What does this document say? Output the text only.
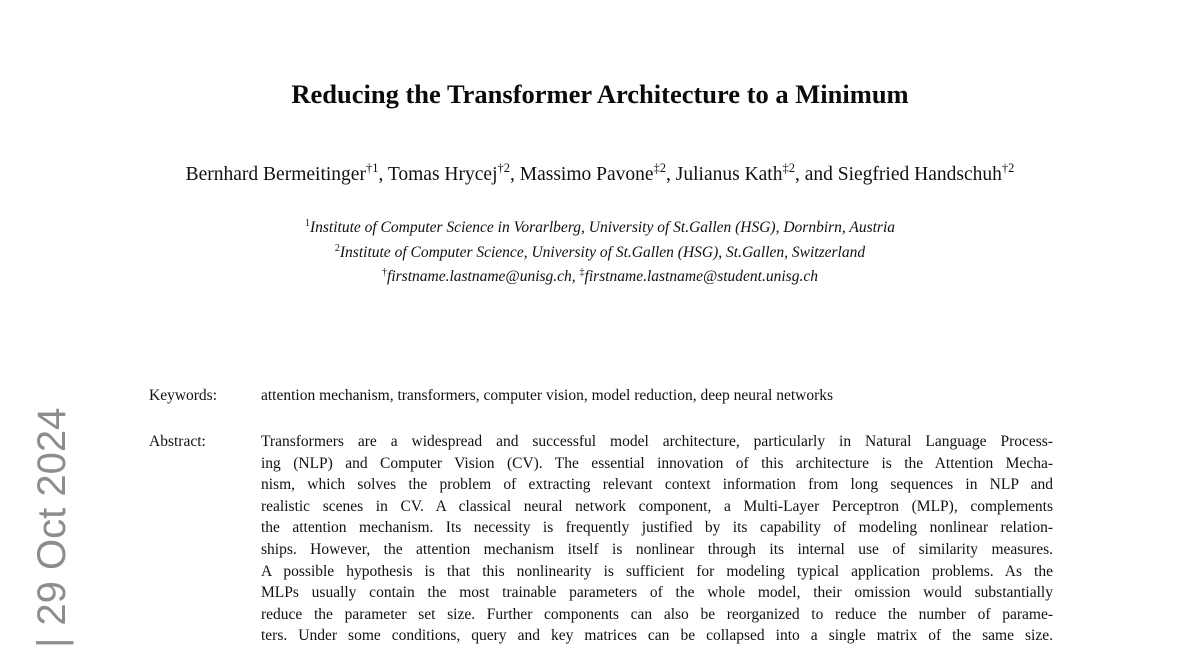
Reducing the Transformer Architecture to a Minimum
Bernhard Bermeitinger$^{\dagger 1}$, Tomas Hrycej$^{\dagger 2}$, Massimo Pavone$^{\ddagger 2}$, Julianus Kath$^{\ddagger 2}$, and Siegfried Handschuh$^{\dagger 2}$
$^1$Institute of Computer Science in Vorarlberg, University of St.Gallen (HSG), Dornbirn, Austria
$^2$Institute of Computer Science, University of St.Gallen (HSG), St.Gallen, Switzerland
†firstname.lastname@unisg.ch, ‡firstname.lastname@student.unisg.ch
Keywords:	attention mechanism, transformers, computer vision, model reduction, deep neural networks
Abstract:	Transformers are a widespread and successful model architecture, particularly in Natural Language Process-
ing (NLP) and Computer Vision (CV). The essential innovation of this architecture is the Attention Mecha-
nism, which solves the problem of extracting relevant context information from long sequences in NLP and
realistic scenes in CV. A classical neural network component, a Multi-Layer Perceptron (MLP), complements
the attention mechanism. Its necessity is frequently justified by its capability of modeling nonlinear relation-
ships. However, the attention mechanism itself is nonlinear through its internal use of similarity measures.
A possible hypothesis is that this nonlinearity is sufficient for modeling typical application problems. As the
MLPs usually contain the most trainable parameters of the whole model, their omission would substantially
reduce the parameter set size. Further components can also be reorganized to reduce the number of parame-
ters. Under some conditions, query and key matrices can be collapsed into a single matrix of the same size.
|29 Oct 2024
